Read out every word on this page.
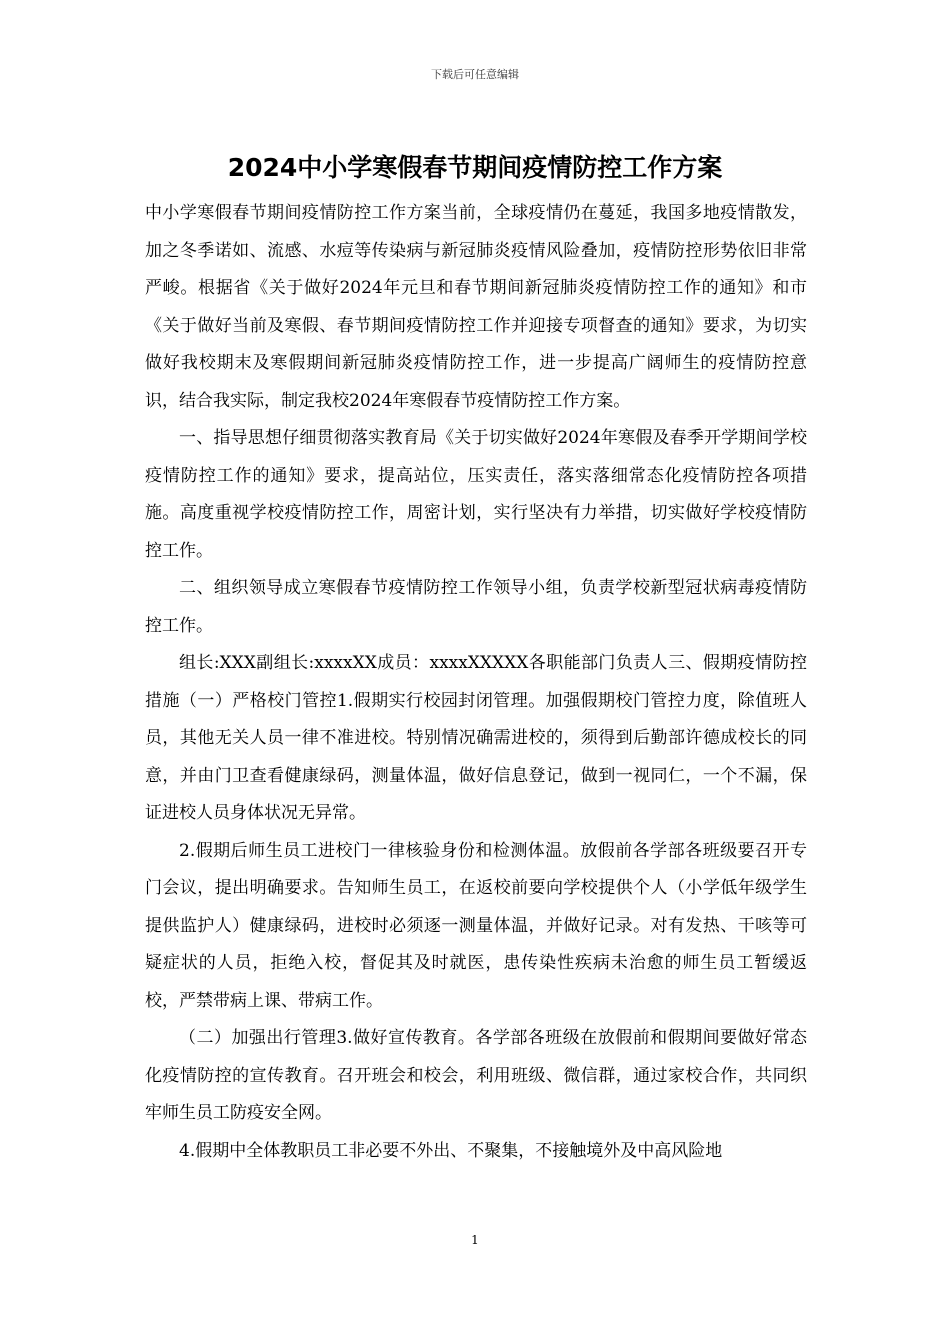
下载后可任意编辑
2024中小学寒假春节期间疫情防控工作方案

中小学寒假春节期间疫情防控工作方案当前，全球疫情仍在蔓延，我国多地疫情散发，加之冬季诺如、流感、水痘等传染病与新冠肺炎疫情风险叠加，疫情防控形势依旧非常严峻。根据省《关于做好2024年元旦和春节期间新冠肺炎疫情防控工作的通知》和市《关于做好当前及寒假、春节期间疫情防控工作并迎接专项督查的通知》要求，为切实做好我校期末及寒假期间新冠肺炎疫情防控工作，进一步提高广阔师生的疫情防控意识，结合我实际，制定我校2024年寒假春节疫情防控工作方案。

一、指导思想仔细贯彻落实教育局《关于切实做好2024年寒假及春季开学期间学校疫情防控工作的通知》要求，提高站位，压实责任，落实落细常态化疫情防控各项措施。高度重视学校疫情防控工作，周密计划，实行坚决有力举措，切实做好学校疫情防控工作。

二、组织领导成立寒假春节疫情防控工作领导小组，负责学校新型冠状病毒疫情防控工作。

组长:XXX副组长:xxxxXX成员：xxxxXXXXX各职能部门负责人三、假期疫情防控措施（一）严格校门管控1.假期实行校园封闭管理。加强假期校门管控力度，除值班人员，其他无关人员一律不准进校。特别情况确需进校的，须得到后勤部许德成校长的同意，并由门卫查看健康绿码，测量体温，做好信息登记，做到一视同仁，一个不漏，保证进校人员身体状况无异常。

2.假期后师生员工进校门一律核验身份和检测体温。放假前各学部各班级要召开专门会议，提出明确要求。告知师生员工，在返校前要向学校提供个人（小学低年级学生提供监护人）健康绿码，进校时必须逐一测量体温，并做好记录。对有发热、干咳等可疑症状的人员，拒绝入校，督促其及时就医，患传染性疾病未治愈的师生员工暂缓返校，严禁带病上课、带病工作。

（二）加强出行管理3.做好宣传教育。各学部各班级在放假前和假期间要做好常态化疫情防控的宣传教育。召开班会和校会，利用班级、微信群，通过家校合作，共同织牢师生员工防疫安全网。

4.假期中全体教职员工非必要不外出、不聚集，不接触境外及中高风险地

1
